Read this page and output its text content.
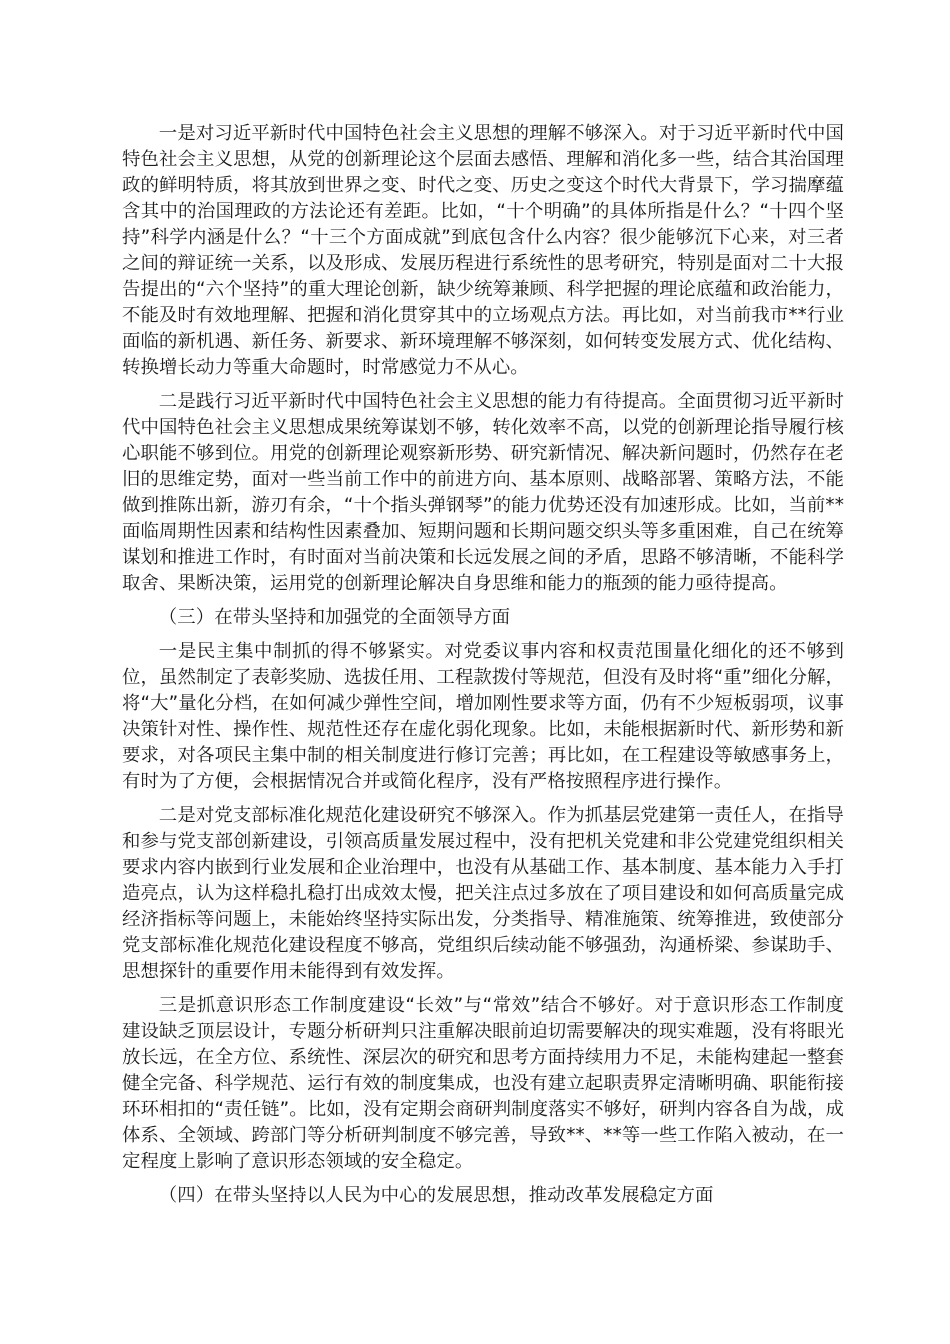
一是对习近平新时代中国特色社会主义思想的理解不够深入。对于习近平新时代中国特色社会主义思想，从党的创新理论这个层面去感悟、理解和消化多一些，结合其治国理政的鲜明特质，将其放到世界之变、时代之变、历史之变这个时代大背景下，学习揣摩蕴含其中的治国理政的方法论还有差距。比如，“十个明确”的具体所指是什么？“十四个坚持”科学内涵是什么？“十三个方面成就”到底包含什么内容？很少能够沉下心来，对三者之间的辩证统一关系，以及形成、发展历程进行系统性的思考研究，特别是面对二十大报告提出的“六个坚持”的重大理论创新，缺少统筹兼顾、科学把握的理论底蕴和政治能力，不能及时有效地理解、把握和消化贯穿其中的立场观点方法。再比如，对当前我市**行业面临的新机遇、新任务、新要求、新环境理解不够深刻，如何转变发展方式、优化结构、转换增长动力等重大命题时，时常感觉力不从心。

二是践行习近平新时代中国特色社会主义思想的能力有待提高。全面贯彻习近平新时代中国特色社会主义思想成果统筹谋划不够，转化效率不高，以党的创新理论指导履行核心职能不够到位。用党的创新理论观察新形势、研究新情况、解决新问题时，仍然存在老旧的思维定势，面对一些当前工作中的前进方向、基本原则、战略部署、策略方法，不能做到推陈出新，游刃有余，“十个指头弹钢琴”的能力优势还没有加速形成。比如，当前**面临周期性因素和结构性因素叠加、短期问题和长期问题交织头等多重困难，自己在统筹谋划和推进工作时，有时面对当前决策和长远发展之间的矛盾，思路不够清晰，不能科学取舍、果断决策，运用党的创新理论解决自身思维和能力的瓶颈的能力亟待提高。

（三）在带头坚持和加强党的全面领导方面

一是民主集中制抓的得不够紧实。对党委议事内容和权责范围量化细化的还不够到位，虽然制定了表彰奖励、选拔任用、工程款拨付等规范，但没有及时将“重”细化分解，将“大”量化分档，在如何减少弹性空间，增加刚性要求等方面，仍有不少短板弱项，议事决策针对性、操作性、规范性还存在虚化弱化现象。比如，未能根据新时代、新形势和新要求，对各项民主集中制的相关制度进行修订完善；再比如，在工程建设等敏感事务上，有时为了方便，会根据情况合并或简化程序，没有严格按照程序进行操作。

二是对党支部标准化规范化建设研究不够深入。作为抓基层党建第一责任人，在指导和参与党支部创新建设，引领高质量发展过程中，没有把机关党建和非公党建党组织相关要求内容内嵌到行业发展和企业治理中，也没有从基础工作、基本制度、基本能力入手打造亮点，认为这样稳扎稳打出成效太慢，把关注点过多放在了项目建设和如何高质量完成经济指标等问题上，未能始终坚持实际出发，分类指导、精准施策、统筹推进，致使部分党支部标准化规范化建设程度不够高，党组织后续动能不够强劲，沟通桥梁、参谋助手、思想探针的重要作用未能得到有效发挥。

三是抓意识形态工作制度建设“长效”与“常效”结合不够好。对于意识形态工作制度建设缺乏顶层设计，专题分析研判只注重解决眼前迫切需要解决的现实难题，没有将眼光放长远，在全方位、系统性、深层次的研究和思考方面持续用力不足，未能构建起一整套健全完备、科学规范、运行有效的制度集成，也没有建立起职责界定清晰明确、职能衔接环环相扣的“责任链”。比如，没有定期会商研判制度落实不够好，研判内容各自为战，成体系、全领域、跨部门等分析研判制度不够完善，导致**、**等一些工作陷入被动，在一定程度上影响了意识形态领域的安全稳定。

（四）在带头坚持以人民为中心的发展思想，推动改革发展稳定方面
